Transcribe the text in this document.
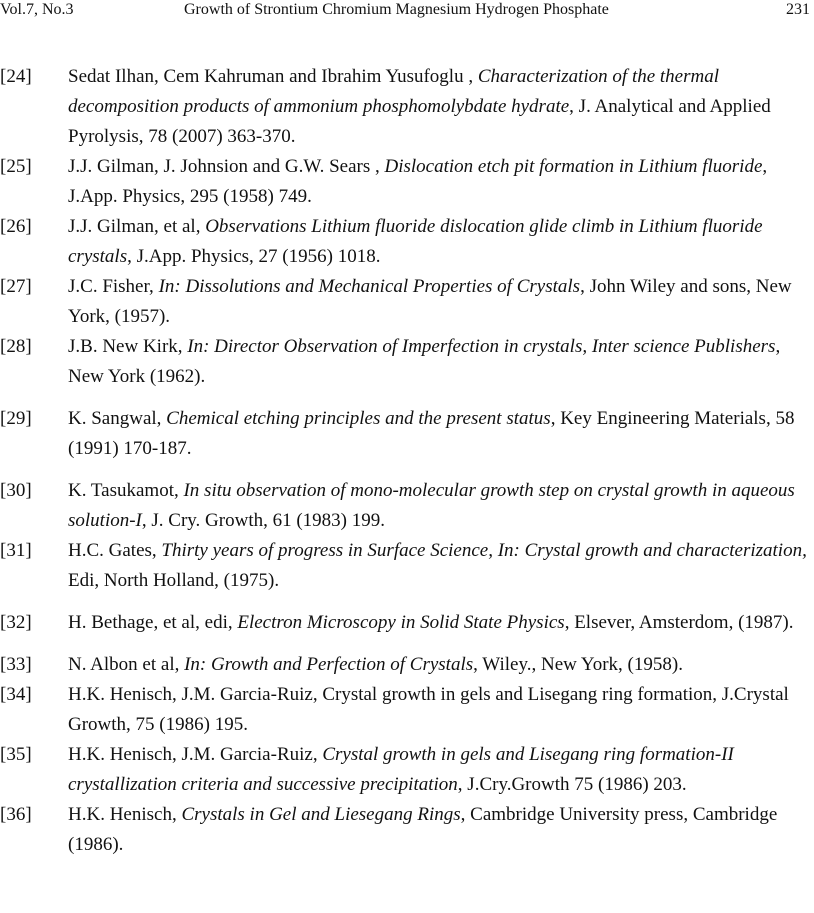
Vol.7, No.3	Growth of Strontium Chromium Magnesium Hydrogen Phosphate	231
[24] Sedat Ilhan, Cem Kahruman and Ibrahim Yusufoglu , Characterization of the thermal decomposition products of ammonium phosphomolybdate hydrate, J. Analytical and Applied Pyrolysis, 78 (2007) 363-370.
[25] J.J. Gilman, J. Johnsion and G.W. Sears , Dislocation etch pit formation in Lithium fluoride, J.App. Physics, 295 (1958) 749.
[26] J.J. Gilman, et al, Observations Lithium fluoride dislocation glide climb in Lithium fluoride crystals, J.App. Physics, 27 (1956) 1018.
[27] J.C. Fisher, In: Dissolutions and Mechanical Properties of Crystals, John Wiley and sons, New York, (1957).
[28] J.B. New Kirk, In: Director Observation of Imperfection in crystals, Inter science Publishers, New York (1962).
[29] K. Sangwal, Chemical etching principles and the present status, Key Engineering Materials, 58 (1991) 170-187.
[30] K. Tasukamot, In situ observation of mono-molecular growth step on crystal growth in aqueous solution-I, J. Cry. Growth, 61 (1983) 199.
[31] H.C. Gates, Thirty years of progress in Surface Science, In: Crystal growth and characterization, Edi, North Holland, (1975).
[32] H. Bethage, et al, edi, Electron Microscopy in Solid State Physics, Elsever, Amsterdom, (1987).
[33] N. Albon et al, In: Growth and Perfection of Crystals, Wiley., New York, (1958).
[34] H.K. Henisch, J.M. Garcia-Ruiz, Crystal growth in gels and Lisegang ring formation, J.Crystal Growth, 75 (1986) 195.
[35] H.K. Henisch, J.M. Garcia-Ruiz, Crystal growth in gels and Lisegang ring formation-II crystallization criteria and successive precipitation, J.Cry.Growth 75 (1986) 203.
[36] H.K. Henisch, Crystals in Gel and Liesegang Rings, Cambridge University press, Cambridge (1986).
